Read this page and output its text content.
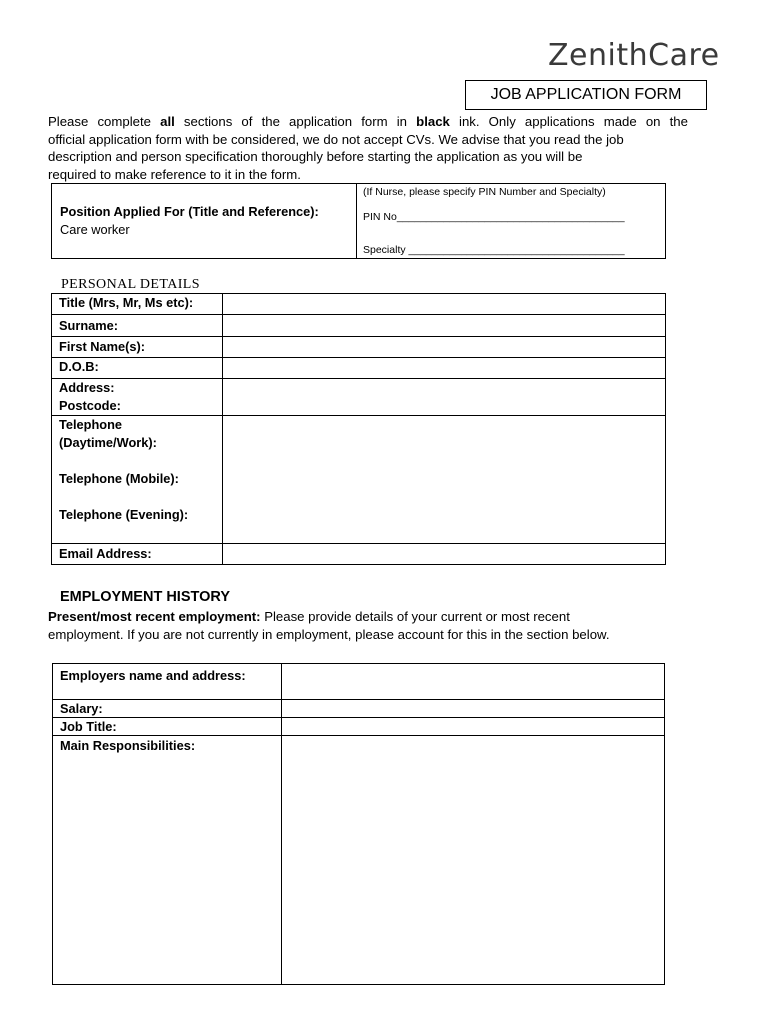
ZenithCare
JOB APPLICATION FORM
Please complete all sections of the application form in black ink. Only applications made on the
official application form with be considered, we do not accept CVs. We advise that you read the job
description and person specification thoroughly before starting the application as you will be
required to make reference to it in the form.
Position Applied For (Title and Reference):
Care worker

(If Nurse, please specify PIN Number and Specialty)
PIN No_______________________________________
Specialty _____________________________________
PERSONAL DETAILS
Title (Mrs, Mr, Ms etc):	
Surname:	
First Name(s):	
D.O.B:	

Address:
Postcode:	

Telephone
(Daytime/Work):
Telephone (Mobile):
Telephone (Evening):	

Email Address:	
EMPLOYMENT HISTORY
Present/most recent employment: Please provide details of your current or most recent
employment. If you are not currently in employment, please account for this in the section below.
Employers name and address:	
Salary:	
Job Title:	
Main Responsibilities:	
